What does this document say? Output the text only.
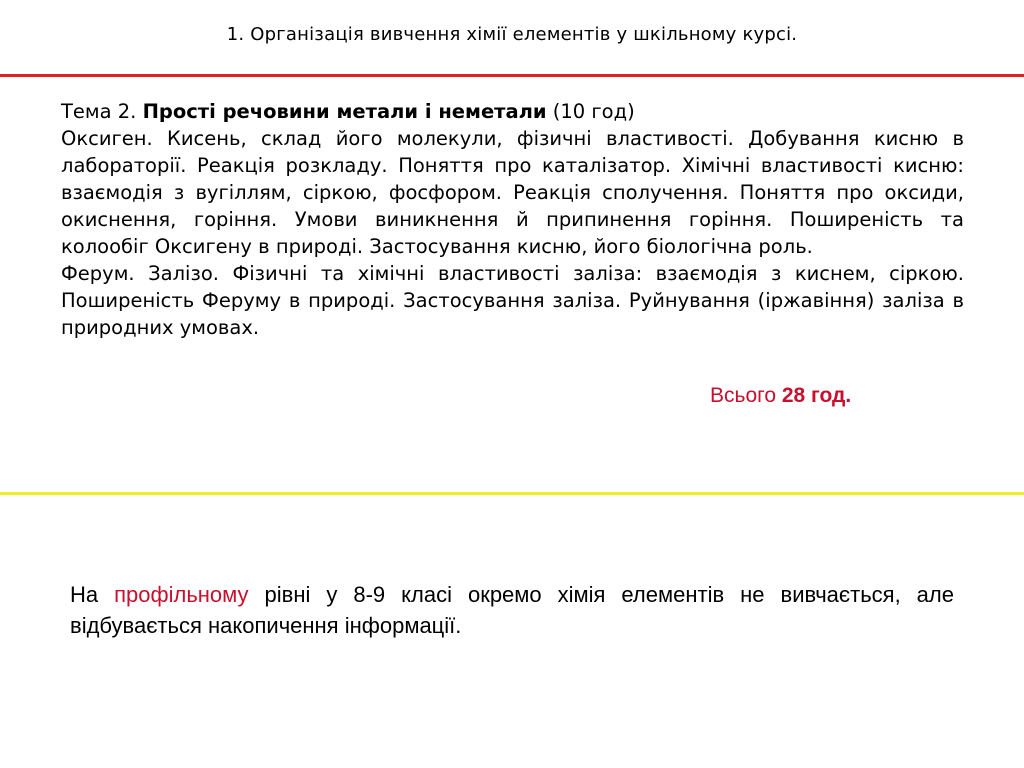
1. Організація вивчення хімії елементів у шкільному курсі.

Тема 2. Прості речовини метали і неметали (10 год)

Оксиген. Кисень, склад його молекули, фізичні властивості. Добування кисню в лабораторії. Реакція розкладу. Поняття про каталізатор. Хімічні властивості кисню: взаємодія з вугіллям, сіркою, фосфором. Реакція сполучення. Поняття про оксиди, окиснення, горіння. Умови виникнення й припинення горіння. Поширеність та колообіг Оксигену в природі. Застосування кисню, його біологічна роль.

Ферум. Залізо. Фізичні та хімічні властивості заліза: взаємодія з киснем, сіркою. Поширеність Феруму в природі. Застосування заліза. Руйнування (іржавіння) заліза в природних умовах.

Всього 28 год.
На профільному рівні у 8-9 класі окремо хімія елементів не вивчається, але відбувається накопичення інформації.
